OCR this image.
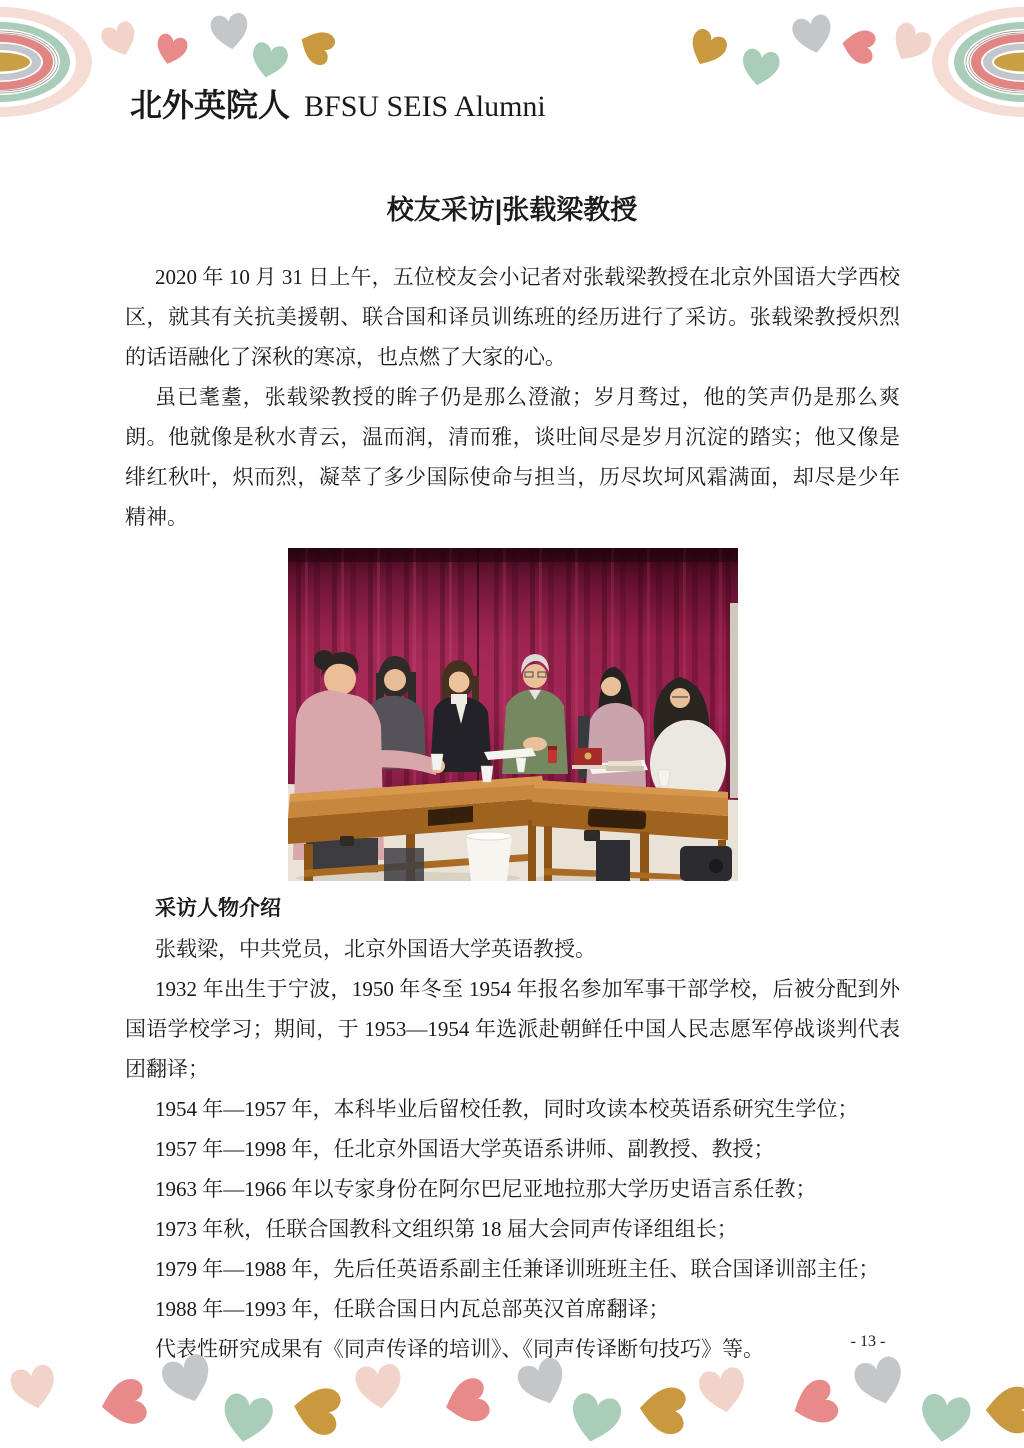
北外英院人 BFSU SEIS Alumni
校友采访|张载梁教授

2020 年 10 月 31 日上午，五位校友会小记者对张载梁教授在北京外国语大学西校区，就其有关抗美援朝、联合国和译员训练班的经历进行了采访。张载梁教授炽烈的话语融化了深秋的寒凉，也点燃了大家的心。

虽已耄耋，张载梁教授的眸子仍是那么澄澈；岁月骛过，他的笑声仍是那么爽朗。他就像是秋水青云，温而润，清而雅，谈吐间尽是岁月沉淀的踏实；他又像是绯红秋叶，炽而烈，凝萃了多少国际使命与担当，历尽坎坷风霜满面，却尽是少年精神。

采访人物介绍

张载梁，中共党员，北京外国语大学英语教授。

1932 年出生于宁波，1950 年冬至 1954 年报名参加军事干部学校，后被分配到外国语学校学习；期间，于 1953—1954 年选派赴朝鲜任中国人民志愿军停战谈判代表团翻译；

1954 年—1957 年，本科毕业后留校任教，同时攻读本校英语系研究生学位；

1957 年—1998 年，任北京外国语大学英语系讲师、副教授、教授；

1963 年—1966 年以专家身份在阿尔巴尼亚地拉那大学历史语言系任教；

1973 年秋，任联合国教科文组织第 18 届大会同声传译组组长；

1979 年—1988 年，先后任英语系副主任兼译训班班主任、联合国译训部主任；

1988 年—1993 年，任联合国日内瓦总部英汉首席翻译；

代表性研究成果有《同声传译的培训》、《同声传译断句技巧》等。	- 13 -
